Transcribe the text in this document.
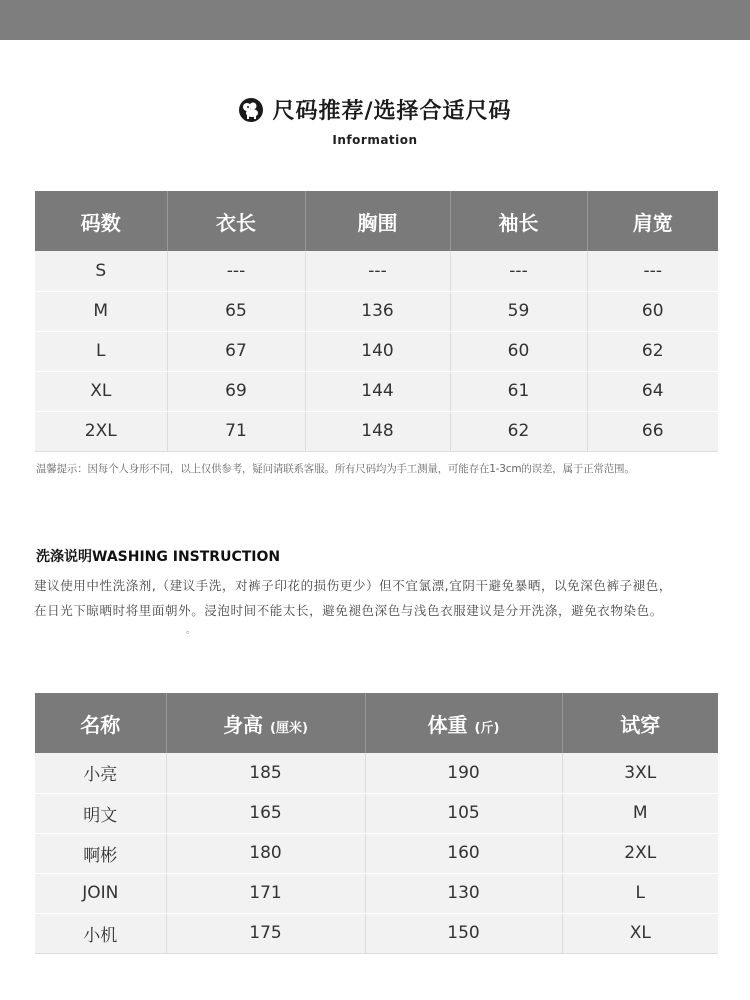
尺码推荐/选择合适尺码
Information
码数	衣长	胸围	袖长	肩宽
S	---	---	---	---
M	65	136	59	60
L	67	140	60	62
XL	69	144	61	64
2XL	71	148	62	66
温馨提示：因每个人身形不同，以上仅供参考，疑问请联系客服。所有尺码均为手工测量，可能存在1-3cm的误差，属于正常范围。
洗涤说明WASHING INSTRUCTION
建议使用中性洗涤剂,（建议手洗，对裤子印花的损伤更少）但不宜氯漂,宜阴干避免暴晒，以免深色裤子褪色，
在日光下晾晒时将里面朝外。浸泡时间不能太长，避免褪色深色与浅色衣服建议是分开洗涤，避免衣物染色。
。
名称	身高 (厘米)	体重 (斤)	试穿
小亮	185	190	3XL
明文	165	105	M
啊彬	180	160	2XL
JOIN	171	130	L
小机	175	150	XL
